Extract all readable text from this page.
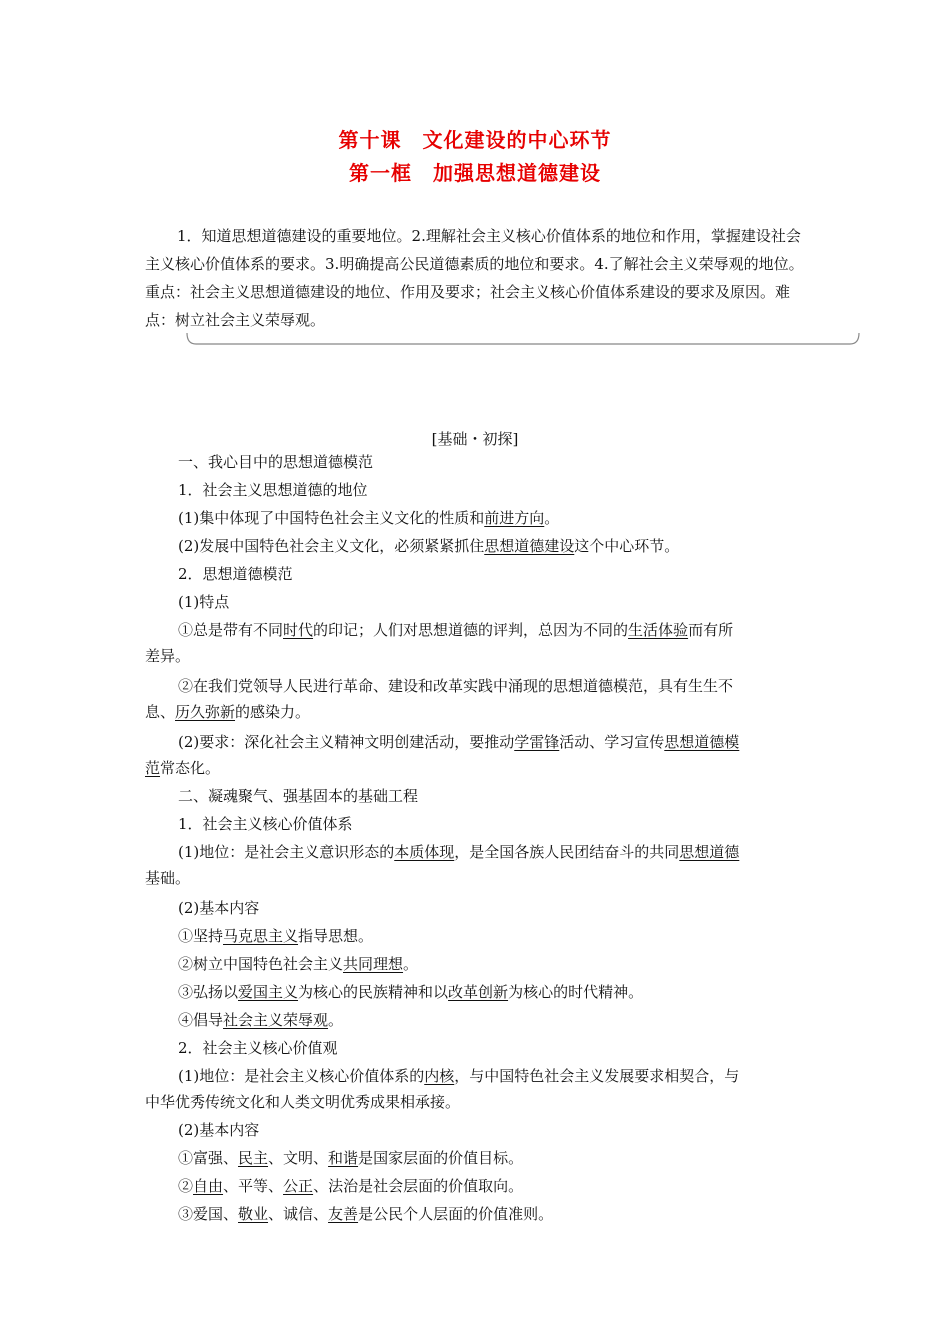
第十课　文化建设的中心环节
第一框　加强思想道德建设
1．知道思想道德建设的重要地位。2.理解社会主义核心价值体系的地位和作用，掌握建设社会主义核心价值体系的要求。3.明确提高公民道德素质的地位和要求。4.了解社会主义荣辱观的地位。重点：社会主义思想道德建设的地位、作用及要求；社会主义核心价值体系建设的要求及原因。难点：树立社会主义荣辱观。
[基础・初探]
一、我心目中的思想道德模范
1．社会主义思想道德的地位
(1)集中体现了中国特色社会主义文化的性质和前进方向。
(2)发展中国特色社会主义文化，必须紧紧抓住思想道德建设这个中心环节。
2．思想道德模范
(1)特点
①总是带有不同时代的印记；人们对思想道德的评判，总因为不同的生活体验而有所
差异。
②在我们党领导人民进行革命、建设和改革实践中涌现的思想道德模范，具有生生不
息、历久弥新的感染力。
(2)要求：深化社会主义精神文明创建活动，要推动学雷锋活动、学习宣传思想道德模
范常态化。
二、凝魂聚气、强基固本的基础工程
1．社会主义核心价值体系
(1)地位：是社会主义意识形态的本质体现，是全国各族人民团结奋斗的共同思想道德
基础。
(2)基本内容
①坚持马克思主义指导思想。
②树立中国特色社会主义共同理想。
③弘扬以爱国主义为核心的民族精神和以改革创新为核心的时代精神。
④倡导社会主义荣辱观。
2．社会主义核心价值观
(1)地位：是社会主义核心价值体系的内核，与中国特色社会主义发展要求相契合，与
中华优秀传统文化和人类文明优秀成果相承接。
(2)基本内容
①富强、民主、文明、和谐是国家层面的价值目标。
②自由、平等、公正、法治是社会层面的价值取向。
③爱国、敬业、诚信、友善是公民个人层面的价值准则。
